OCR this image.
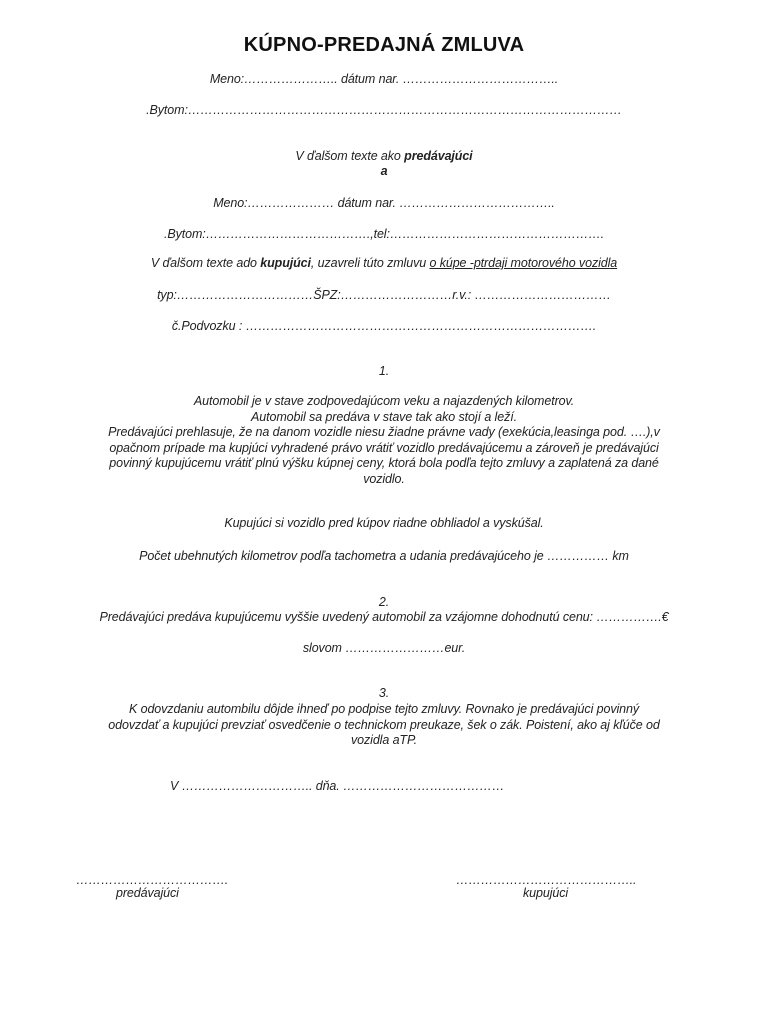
KÚPNO-PREDAJNÁ ZMLUVA
Meno:………………….. dátum nar. ………………………………..
.Bytom:……………………………………………………………………………………………
V ďalšom texte ako predávajúci
a
Meno:………………… dátum nar. ………………………………..
.Bytom:………………………………….,tel:…………………………………………….
V ďalšom texte ado kupujúci, uzavreli túto zmluvu o kúpe -ptrdaji motorového vozidla
typ:……………………………ŠPZ:………………………r.v.: ……………………………
č.Podvozku : ………………………………………………………………………….
1.
Automobil je v stave zodpovedajúcom veku a najazdených kilometrov.
Automobil sa predáva v stave tak ako stojí a leží.
Predávajúci prehlasuje, že na danom vozidle niesu žiadne právne vady (exekúcia,leasinga pod. ….),v
opačnom prípade ma kupjúci vyhradené právo vrátiť vozidlo predávajúcemu a zároveň je predávajúci
povinný kupujúcemu vrátiť plnú výšku kúpnej ceny, ktorá bola podľa tejto zmluvy a zaplatená za dané
vozidlo.
Kupujúci si vozidlo pred kúpov riadne obhliadol a vyskúšal.
Počet ubehnutých kilometrov podľa tachometra a udania predávajúceho je …………… km
2.
Predávajúci predáva kupujúcemu vyššie uvedený automobil za vzájomne dohodnutú cenu: …………….€
slovom ……………………eur.
3.
K odovzdaniu autombilu dôjde ihneď po podpise tejto zmluvy. Rovnako je predávajúci povinný
odovzdať a kupujúci prevziať osvedčenie o technickom preukaze, šek o zák. Poistení, ako aj kľúče od
vozidla aTP.
V ………………………….. dňa. …………………………………
……………………………….
predávajúci
……………………………………..
kupujúci
